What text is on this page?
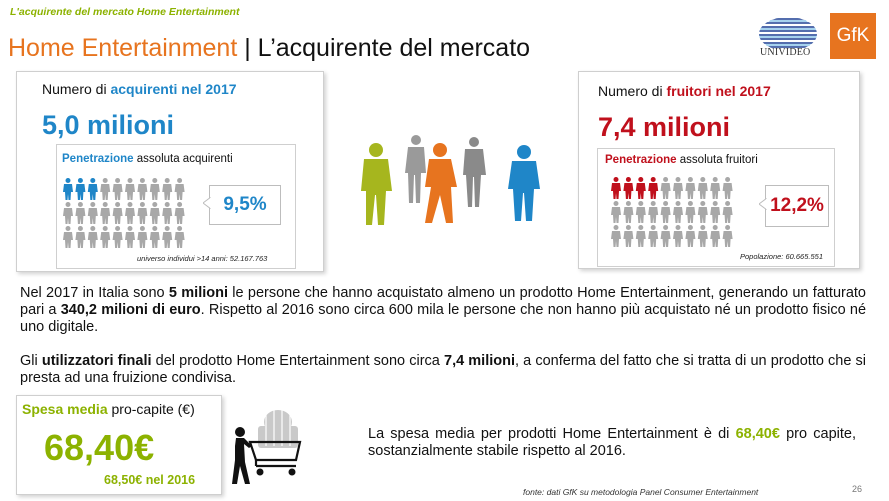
L'acquirente del mercato Home Entertainment
Home Entertainment | L’acquirente del mercato	UNIVIDEO
GfK
Numero di acquirenti nel 2017
5,0 milioni
Penetrazione assoluta acquirenti
9,5%
universo individui >14 anni: 52.167.763
Numero di fruitori nel 2017
7,4 milioni
Penetrazione assoluta fruitori
12,2%
Popolazione: 60.665.551
Nel 2017 in Italia sono 5 milioni le persone che hanno acquistato almeno un prodotto Home Entertainment, generando un fatturato pari a 340,2 milioni di euro. Rispetto al 2016 sono circa 600 mila le persone che non hanno più acquistato né un prodotto fisico né uno digitale.
Gli utilizzatori finali del prodotto Home Entertainment sono circa 7,4 milioni, a conferma del fatto che si tratta di un prodotto che si presta ad una fruizione condivisa.
Spesa media pro-capite (€)
68,40€
68,50€ nel 2016
La spesa media per prodotti Home Entertainment è di 68,40€ pro capite, sostanzialmente stabile rispetto al 2016.
fonte: dati GfK su metodologia Panel Consumer Entertainment	26
